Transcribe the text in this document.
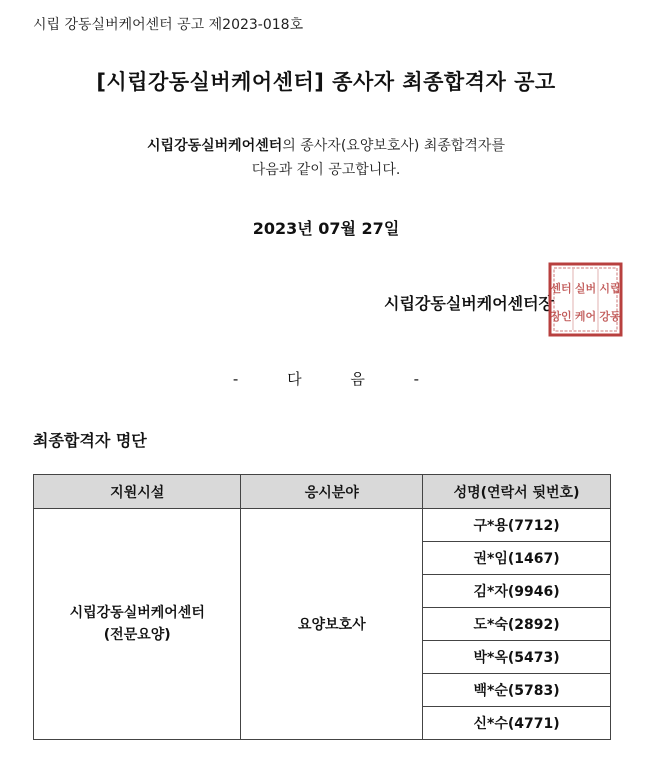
시립 강동실버케어센터 공고 제2023-018호
[시립강동실버케어센터] 종사자 최종합격자 공고
시립강동실버케어센터의 종사자(요양보호사) 최종합격자를
다음과 같이 공고합니다.
2023년 07월 27일
시립강동실버케어센터장
시립
강동
실버
케어
센터
장인
-	다	음	-
최종합격자 명단
지원시설	응시분야	성명(연락서 뒷번호)

시립강동실버케어센터
(전문요양)	요양보호사	구*용(7712)
		권*임(1467)
		김*자(9946)
		도*숙(2892)
		박*옥(5473)
		백*순(5783)
		신*수(4771)
